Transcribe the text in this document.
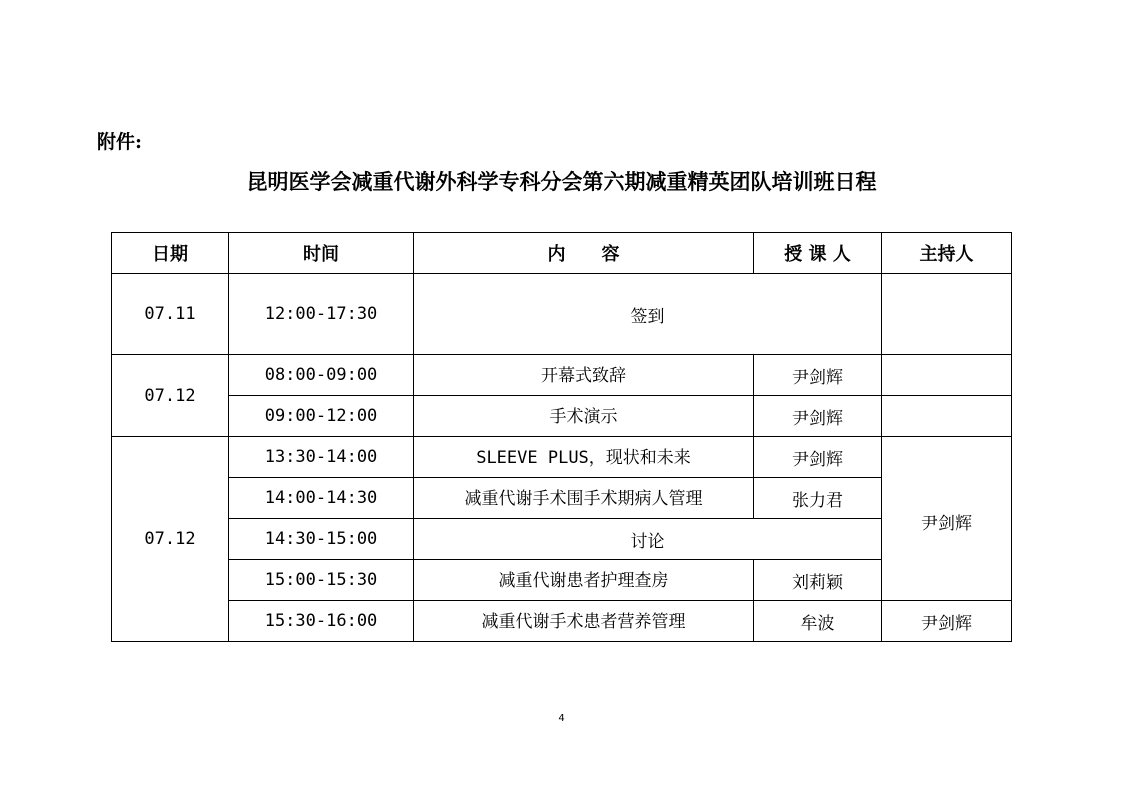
附件:
昆明医学会减重代谢外科学专科分会第六期减重精英团队培训班日程
日期	时间	内　　容	授 课 人	主持人
07.11	12:00-17:30	签到		
07.12	08:00-09:00	开幕式致辞	尹剑辉	
	09:00-12:00	手术演示	尹剑辉	
07.12	13:30-14:00	SLEEVE PLUS，现状和未来	尹剑辉	尹剑辉
	14:00-14:30	减重代谢手术围手术期病人管理	张力君	
	14:30-15:00	讨论		
	15:00-15:30	减重代谢患者护理查房	刘莉颖	
	15:30-16:00	减重代谢手术患者营养管理	牟波	尹剑辉
4
